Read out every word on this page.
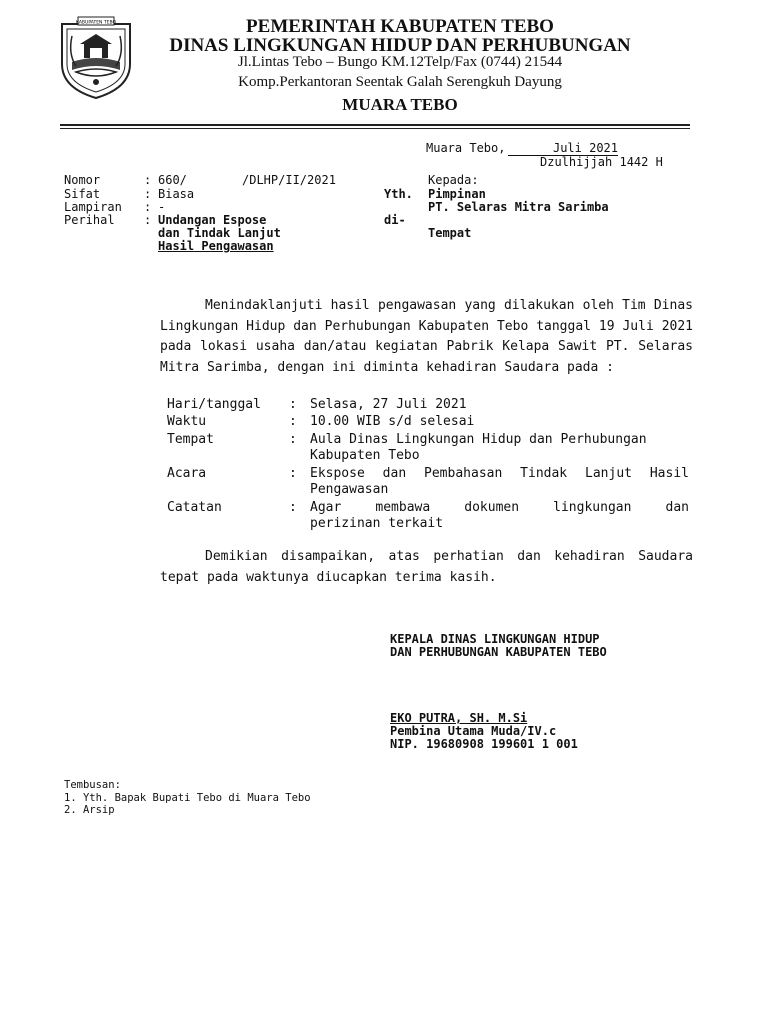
KABUPATEN TEBO	PEMERINTAH KABUPATEN TEBO
DINAS LINGKUNGAN HIDUP DAN PERHUBUNGAN
Jl.Lintas Tebo – Bungo KM.12Telp/Fax (0744) 21544
Komp.Perkantoran Seentak Galah Serengkuh Dayung
MUARA TEBO
Muara Tebo,	Juli 2021
Dzulhijjah 1442 H
Nomor	: 660/	/DLHP/II/2021
Sifat	: Biasa
Lampiran : -
Perihal : Undangan Espose
dan Tindak Lanjut
Hasil Pengawasan
Kepada:
Yth. Pimpinan
PT. Selaras Mitra Sarimba
di-
Tempat
Menindaklanjuti hasil pengawasan yang dilakukan oleh Tim Dinas Lingkungan Hidup dan Perhubungan Kabupaten Tebo tanggal 19 Juli 2021 pada lokasi usaha dan/atau kegiatan Pabrik Kelapa Sawit PT. Selaras Mitra Sarimba, dengan ini diminta kehadiran Saudara pada :
Hari/tanggal	:	Selasa, 27 Juli 2021
Waktu	:	10.00 WIB s/d selesai
Tempat	:	Aula Dinas Lingkungan Hidup dan Perhubungan
Kabupaten Tebo
Acara	:	Ekspose dan Pembahasan Tindak Lanjut Hasil
Pengawasan
Catatan	:	Agar membawa dokumen lingkungan dan
perizinan terkait
Demikian disampaikan, atas perhatian dan kehadiran Saudara tepat pada waktunya diucapkan terima kasih.
KEPALA DINAS LINGKUNGAN HIDUP
DAN PERHUBUNGAN KABUPATEN TEBO
EKO PUTRA, SH. M.Si
Pembina Utama Muda/IV.c
NIP. 19680908 199601 1 001
Tembusan:
1. Yth. Bapak Bupati Tebo di Muara Tebo
2. Arsip
